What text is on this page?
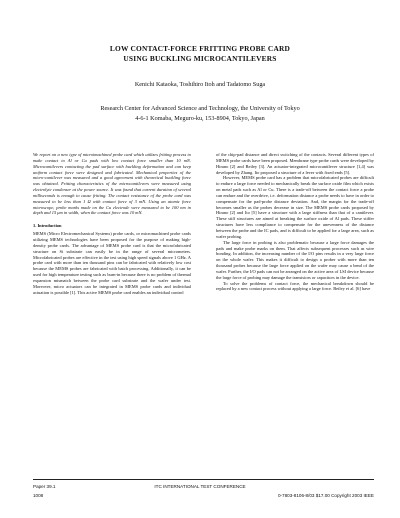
LOW CONTACT-FORCE FRITTING PROBE CARD
USING BUCKLING MICROCANTILEVERS
Kenichi Kataoka, Toshihiro Itoh and Tadatomo Suga
Research Center for Advanced Science and Technology, the University of Tokyo
4-6-1 Komaba, Meguro-ku, 153-8904, Tokyo, Japan

We report on a new type of microimachined probe card which utilizes fritting process to make contact to Al or Cu pads with low contact force smaller than 10 mN. Microcantilevers contacting the pad surface with buckling deformation and can keep uniform contact force were designed and fabricated. Mechanical properties of the micro-cantilever was measured and a good agreement with theoretical buckling force was obtained. Fritting characteristics of the microcantilevers were measured using electrolyte condenser at the power source. It was found that current duration of several milliseconds is enough to cause fritting. The contact resistance of the probe card was measured to be less than 1 Ω with contact force of 3 mN. Using an atomic force microscope, probe marks made on the Cu electrode were measured to be 100 nm in depth and 15 μm in width, when the contact force was 10 mN.

1. Introduction

MEMS (Micro Electromechanical Systems) probe cards, or micromachined probe cards utilizing MEMS technologies have been proposed for the purpose of making high-density probe cards. The advantage of MEMS probe card is that the microfabricated structure on Si substrate can easily be in the range of several micrometers. Microfabricated probes are effective in the test using high speed signals above 1 GHz. A probe card with more than ten thousand pins can be fabricated with relatively low cost because the MEMS probes are fabricated with batch processing. Additionally, it can be used for high temperature testing such as burn-in because there is no problem of thermal expansion mismatch between the probe card substrate and the wafer under test. Moreover, micro actuators can be integrated in MEMS probe cards and individual actuation is possible [1]. This active MEMS probe card enables an individual control

of the chip-pad distance and direct switching of the contacts. Several different types of MEMS probe cards have been proposed. Membrane type probe cards were developed by Hirano [2] and Beiley [3]. An actuator-integrated microcantilever structure [1,4] was developed by Zhang. Ito proposed a structure of a lever with fixed ends [5].

However, MEMS probe card has a problem that microfabricated probes are difficult to endure a large force needed to mechanically break the surface oxide film which exists on metal pads such as Al or Cu. There is a trade-off between the contact force a probe can endure and the overdrive, i.e. deformation distance a probe needs to have in order to compensate for the pad-probe distance deviation. And, the margin for the trade-off becomes smaller as the probes decrease in size. The MEMS probe cards proposed by Hirano [2] and Ito [5] have a structure with a large stiffness than that of a cantilever. These stiff structures are aimed at breaking the surface oxide of Al pads. These stiffer structures have less compliance to compensate for the unevenness of the distance between the probe and the IC pads, and is difficult to be applied for a large area, such as wafer probing.

The large force in probing is also problematic because a large force damages the pads and make probe marks on them. That affects subsequent processes such as wire bonding. In addition, the increasing number of the I/O pins results in a very large force on the whole wafer. This makes it difficult to design a prober with more than ten thousand probes because the large force applied on the wafer may cause a bend of the wafer. Further, the I/O pads can not be arranged on the active area of LSI device because the large force of probing may damage the transistors or capacitors in the device.

To solve the problems of contact force, the mechanical breakdown should be replaced by a new contact process without applying a large force. Beiley et al. [6] have

Paper 39.1
1008
ITC INTERNATIONAL TEST CONFERENCE
0-7803-8106-8/03 $17.00 Copyright 2003 IEEE
